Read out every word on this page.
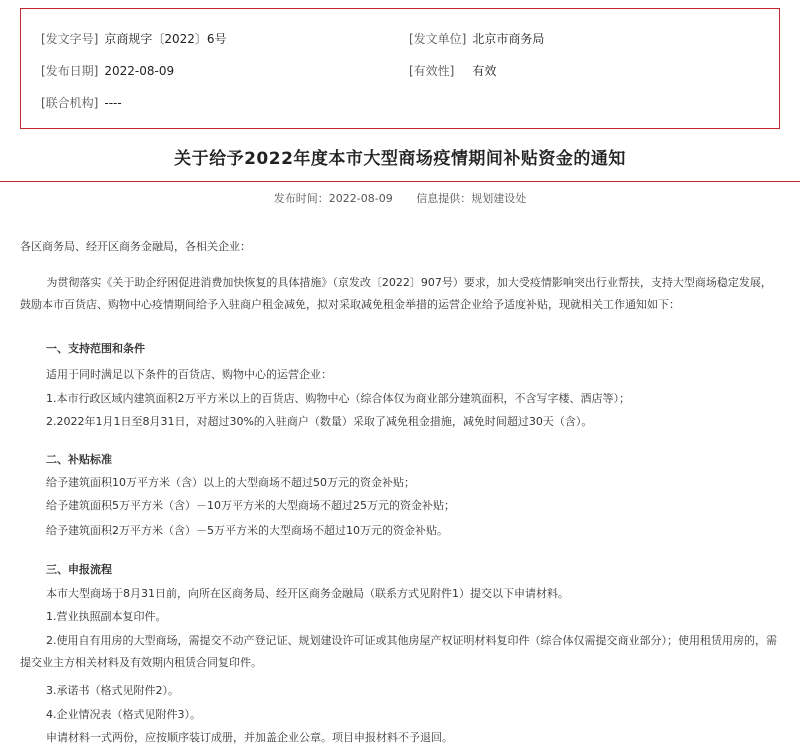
[发文字号] 京商规字〔2022〕6号	[发文单位] 北京市商务局
[发布日期] 2022-08-09	[有效性] 有效
[联合机构] ----
关于给予2022年度本市大型商场疫情期间补贴资金的通知
发布时间：2022-08-09 信息提供：规划建设处
各区商务局、经开区商务金融局，各相关企业：
为贯彻落实《关于助企纾困促进消费加快恢复的具体措施》（京发改〔2022〕907号）要求，加大受疫情影响突出行业帮扶，支持大型商场稳定发展，鼓励本市百货店、购物中心疫情期间给予入驻商户租金减免，拟对采取减免租金举措的运营企业给予适度补贴，现就相关工作通知如下：
一、支持范围和条件
适用于同时满足以下条件的百货店、购物中心的运营企业：
1.本市行政区域内建筑面积2万平方米以上的百货店、购物中心（综合体仅为商业部分建筑面积，不含写字楼、酒店等）；
2.2022年1月1日至8月31日，对超过30%的入驻商户（数量）采取了减免租金措施，减免时间超过30天（含）。
二、补贴标准
给予建筑面积10万平方米（含）以上的大型商场不超过50万元的资金补贴；
给予建筑面积5万平方米（含）－10万平方米的大型商场不超过25万元的资金补贴；
给予建筑面积2万平方米（含）－5万平方米的大型商场不超过10万元的资金补贴。
三、申报流程
本市大型商场于8月31日前，向所在区商务局、经开区商务金融局（联系方式见附件1）提交以下申请材料。
1.营业执照副本复印件。
2.使用自有用房的大型商场，需提交不动产登记证、规划建设许可证或其他房屋产权证明材料复印件（综合体仅需提交商业部分）；使用租赁用房的，需提交业主方相关材料及有效期内租赁合同复印件。
3.承诺书（格式见附件2）。
4.企业情况表（格式见附件3）。
申请材料一式两份，应按顺序装订成册，并加盖企业公章。项目申报材料不予退回。
